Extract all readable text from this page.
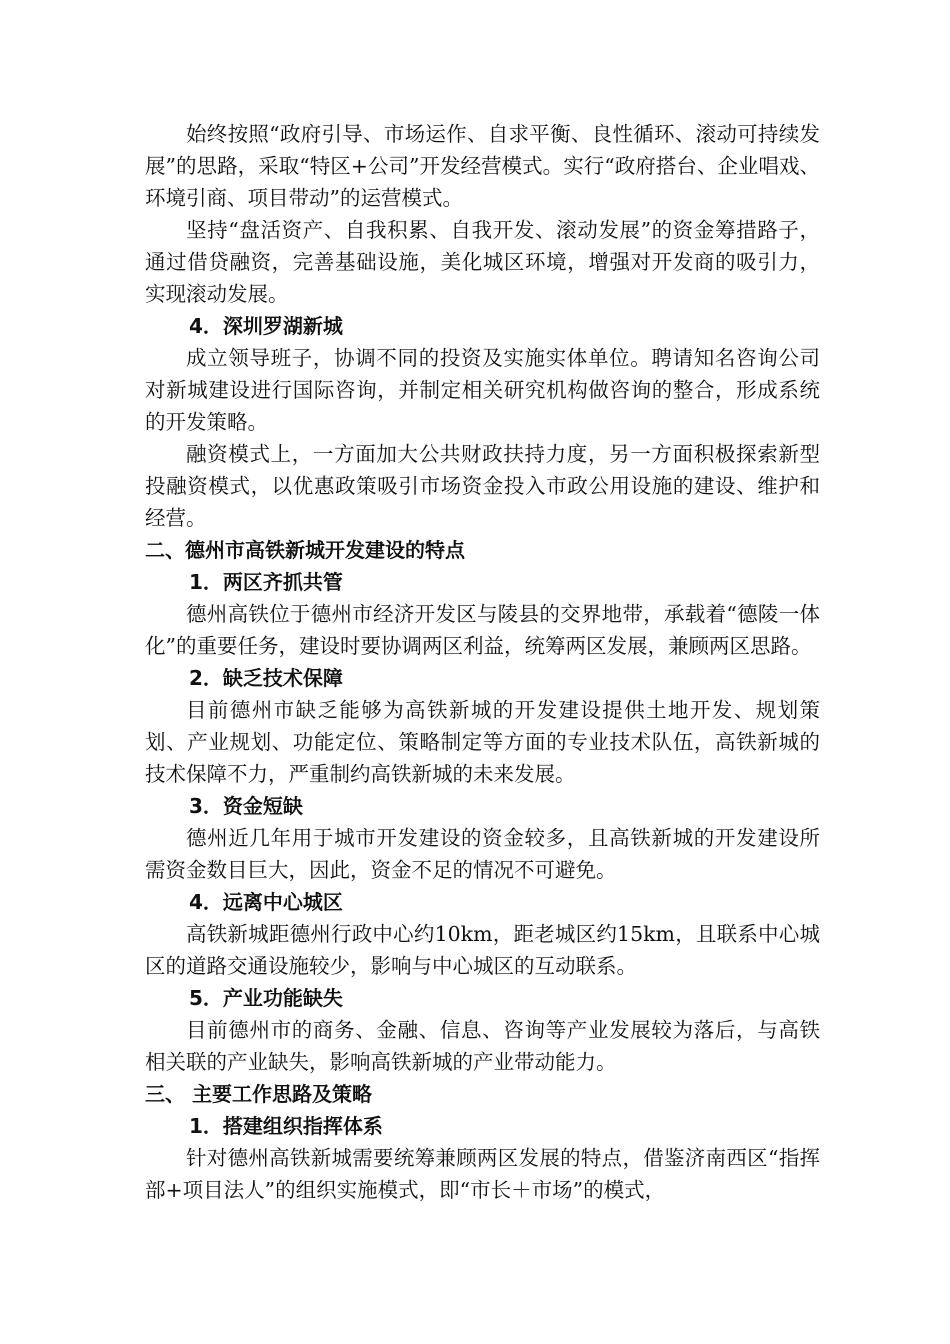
始终按照“政府引导、市场运作、自求平衡、良性循环、滚动可持续发展”的思路，采取“特区+公司”开发经营模式。实行“政府搭台、企业唱戏、环境引商、项目带动”的运营模式。

坚持“盘活资产、自我积累、自我开发、滚动发展”的资金筹措路子，通过借贷融资，完善基础设施，美化城区环境，增强对开发商的吸引力，实现滚动发展。

4．深圳罗湖新城

成立领导班子，协调不同的投资及实施实体单位。聘请知名咨询公司对新城建设进行国际咨询，并制定相关研究机构做咨询的整合，形成系统的开发策略。

融资模式上，一方面加大公共财政扶持力度，另一方面积极探索新型投融资模式，以优惠政策吸引市场资金投入市政公用设施的建设、维护和经营。

二、德州市高铁新城开发建设的特点

1．两区齐抓共管

德州高铁位于德州市经济开发区与陵县的交界地带，承载着“德陵一体化”的重要任务，建设时要协调两区利益，统筹两区发展，兼顾两区思路。

2．缺乏技术保障

目前德州市缺乏能够为高铁新城的开发建设提供土地开发、规划策划、产业规划、功能定位、策略制定等方面的专业技术队伍，高铁新城的技术保障不力，严重制约高铁新城的未来发展。

3．资金短缺

德州近几年用于城市开发建设的资金较多，且高铁新城的开发建设所需资金数目巨大，因此，资金不足的情况不可避免。

4．远离中心城区

高铁新城距德州行政中心约10km，距老城区约15km，且联系中心城区的道路交通设施较少，影响与中心城区的互动联系。

5．产业功能缺失

目前德州市的商务、金融、信息、咨询等产业发展较为落后，与高铁相关联的产业缺失，影响高铁新城的产业带动能力。

三、 主要工作思路及策略

1．搭建组织指挥体系

针对德州高铁新城需要统筹兼顾两区发展的特点，借鉴济南西区“指挥部+项目法人”的组织实施模式，即“市长＋市场”的模式，
